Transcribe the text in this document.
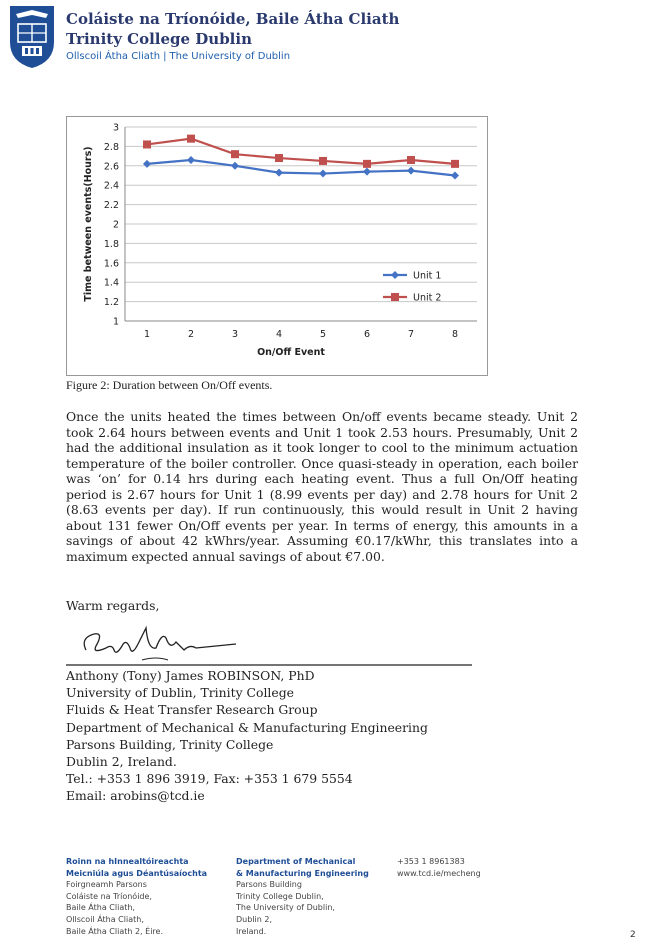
Coláiste na Tríonóide, Baile Átha Cliath
Trinity College Dublin
Ollscoil Átha Cliath | The University of Dublin
1
1.2
1.4
1.6
1.8
2
2.2
2.4
2.6
2.8
3
1	2	3	4	5	6	7	8
On/Off Event
Time between events(Hours)	Unit 1
Unit 2
Figure 2: Duration between On/Off events.
Once the units heated the times between On/off events became steady. Unit 2 took 2.64 hours between events and Unit 1 took 2.53 hours. Presumably, Unit 2 had the additional insulation as it took longer to cool to the minimum actuation temperature of the boiler controller. Once quasi-steady in operation, each boiler was ‘on’ for 0.14 hrs during each heating event. Thus a full On/Off heating period is 2.67 hours for Unit 1 (8.99 events per day) and 2.78 hours for Unit 2 (8.63 events per day). If run continuously, this would result in Unit 2 having about 131 fewer On/Off events per year. In terms of energy, this amounts in a savings of about 42 kWhrs/year. Assuming €0.17/kWhr, this translates into a maximum expected annual savings of about €7.00.
Warm regards,
Anthony (Tony) James ROBINSON, PhD
University of Dublin, Trinity College
Fluids & Heat Transfer Research Group
Department of Mechanical & Manufacturing Engineering
Parsons Building, Trinity College
Dublin 2, Ireland.
Tel.: +353 1 896 3919, Fax: +353 1 679 5554
Email: arobins@tcd.ie
Roinn na hInnealtóireachta
Meicniúla agus Déantúsaíochta
Foirgneamh Parsons
Coláiste na Tríonóide,
Baile Átha Cliath,
Ollscoil Átha Cliath,
Baile Átha Cliath 2, Éire.
Department of Mechanical
& Manufacturing Engineering
Parsons Building
Trinity College Dublin,
The University of Dublin,
Dublin 2,
Ireland.
+353 1 8961383
www.tcd.ie/mecheng
2
